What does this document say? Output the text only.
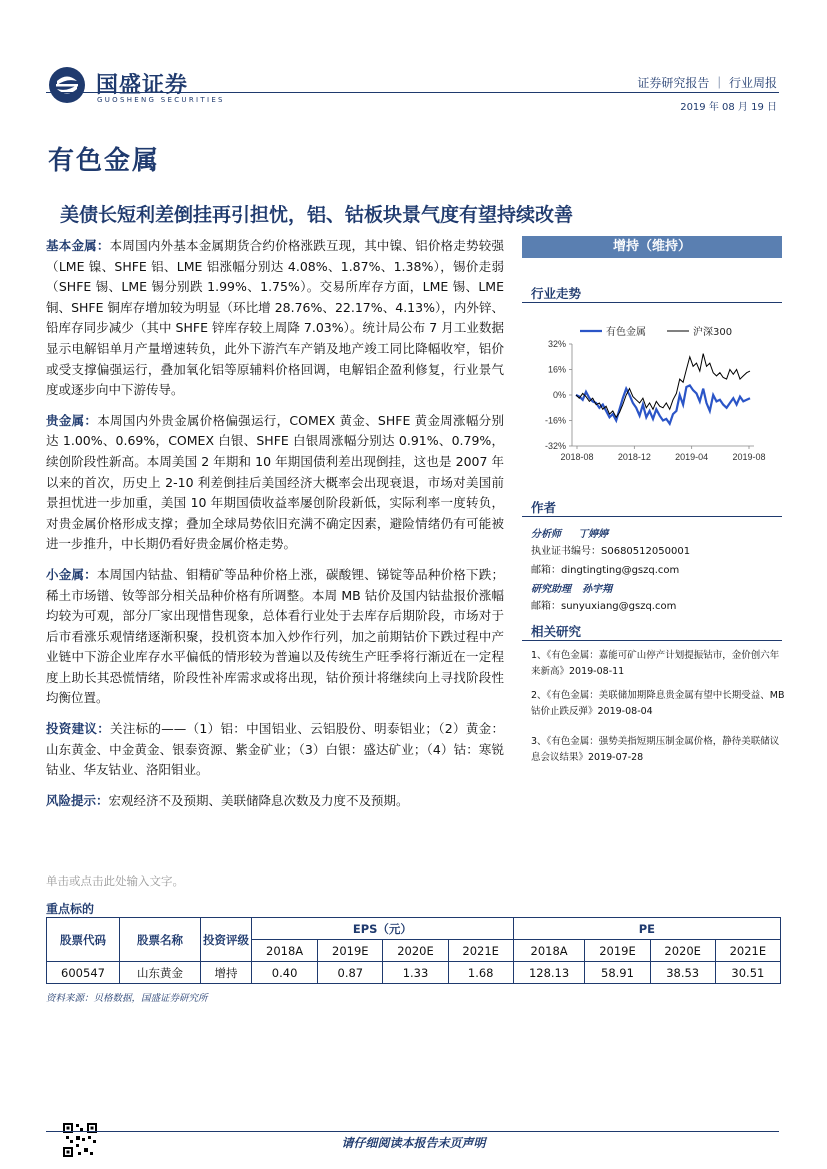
国盛证券
GUOSHENG SECURITIES
证券研究报告 ｜ 行业周报
2019 年 08 月 19 日
有色金属
美债长短利差倒挂再引担忧，铝、钴板块景气度有望持续改善

基本金属：本周国内外基本金属期货合约价格涨跌互现，其中镍、铝价格走势较强（LME 镍、SHFE 铝、LME 铝涨幅分别达 4.08%、1.87%、1.38%），锡价走弱（SHFE 锡、LME 锡分别跌 1.99%、1.75%）。交易所库存方面，LME 锡、LME 铜、SHFE 铜库存增加较为明显（环比增 28.76%、22.17%、4.13%），内外锌、铅库存同步减少（其中 SHFE 锌库存较上周降 7.03%）。统计局公布 7 月工业数据显示电解铝单月产量增速转负，此外下游汽车产销及地产竣工同比降幅收窄，铝价或受支撑偏强运行，叠加氧化铝等原辅料价格回调，电解铝企盈利修复，行业景气度或逐步向中下游传导。

贵金属：本周国内外贵金属价格偏强运行，COMEX 黄金、SHFE 黄金周涨幅分别达 1.00%、0.69%，COMEX 白银、SHFE 白银周涨幅分别达 0.91%、0.79%，续创阶段性新高。本周美国 2 年期和 10 年期国债利差出现倒挂，这也是 2007 年以来的首次，历史上 2-10 利差倒挂后美国经济大概率会出现衰退，市场对美国前景担忧进一步加重，美国 10 年期国债收益率屡创阶段新低，实际利率一度转负，对贵金属价格形成支撑；叠加全球局势依旧充满不确定因素，避险情绪仍有可能被进一步推升，中长期仍看好贵金属价格走势。

小金属：本周国内钴盐、钼精矿等品种价格上涨，碳酸锂、锑锭等品种价格下跌；稀土市场镨、钕等部分相关品种价格有所调整。本周 MB 钴价及国内钴盐报价涨幅均较为可观，部分厂家出现惜售现象，总体看行业处于去库存后期阶段，市场对于后市看涨乐观情绪逐渐积聚，投机资本加入炒作行列，加之前期钴价下跌过程中产业链中下游企业库存水平偏低的情形较为普遍以及传统生产旺季将行渐近在一定程度上助长其恐慌情绪，阶段性补库需求或将出现，钴价预计将继续向上寻找阶段性均衡位置。

投资建议：关注标的——（1）铝：中国铝业、云铝股份、明泰铝业；（2）黄金：山东黄金、中金黄金、银泰资源、紫金矿业；（3）白银：盛达矿业；（4）钴：寒锐钴业、华友钴业、洛阳钼业。

风险提示：宏观经济不及预期、美联储降息次数及力度不及预期。

单击或点击此处输入文字。
增持（维持）
行业走势
有色金属	沪深300
32%
16%
0%
-16%
-32%
2018-08	2018-12	2019-04	2019-08
作者
分析师 丁婷婷
执业证书编号：S0680512050001
邮箱：dingtingting@gszq.com
研究助理 孙宇翔
邮箱：sunyuxiang@gszq.com
相关研究
1、《有色金属：嘉能可矿山停产计划提振钴市，金价创六年来新高》2019-08-11
2、《有色金属：美联储加期降息贵金属有望中长期受益、MB 钴价止跌反弹》2019-08-04
3、《有色金属：强势美指短期压制金属价格，静待美联储议息会议结果》2019-07-28
重点标的
股票代码	股票名称	投资评级	EPS（元）				PE			
			2018A	2019E	2020E	2021E	2018A	2019E	2020E	2021E
600547	山东黄金	增持	0.40	0.87	1.33	1.68	128.13	58.91	38.53	30.51
资料来源：贝格数据，国盛证券研究所
请仔细阅读本报告末页声明
